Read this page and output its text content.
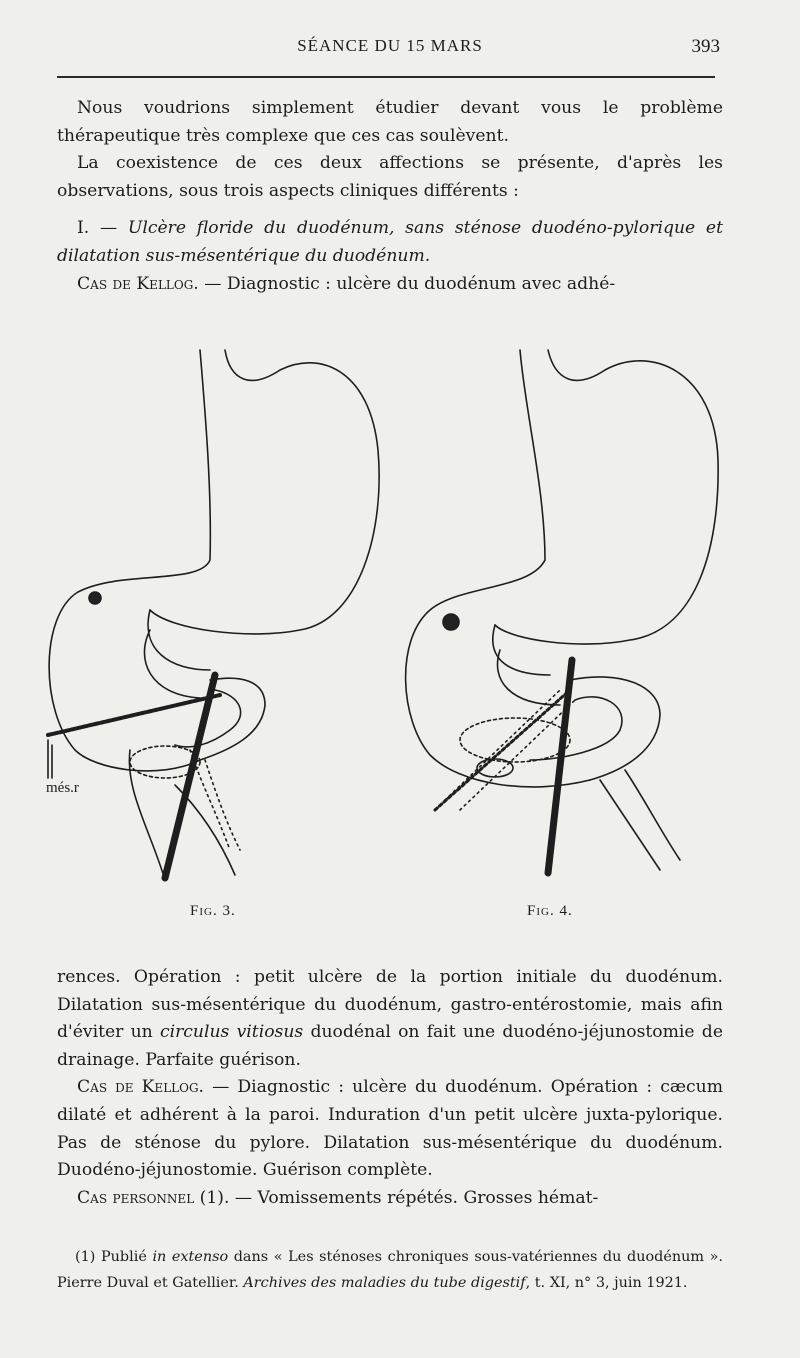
SÉANCE DU 15 MARS	393

Nous voudrions simplement étudier devant vous le problème thérapeutique très complexe que ces cas soulèvent.

La coexistence de ces deux affections se présente, d'après les observations, sous trois aspects cliniques différents :

I. — Ulcère floride du duodénum, sans sténose duodéno-pylorique et dilatation sus-mésentérique du duodénum.

Cas de Kellog. — Diagnostic : ulcère du duodénum avec adhé-

més.r
Fig. 3.	Fig. 4.

rences. Opération : petit ulcère de la portion initiale du duodénum. Dilatation sus-mésentérique du duodénum, gastro-entérostomie, mais afin d'éviter un circulus vitiosus duodénal on fait une duodéno-jéjunostomie de drainage. Parfaite guérison.

Cas de Kellog. — Diagnostic : ulcère du duodénum. Opération : cæcum dilaté et adhérent à la paroi. Induration d'un petit ulcère juxta-pylorique. Pas de sténose du pylore. Dilatation sus-mésentérique du duodénum. Duodéno-jéjunostomie. Guérison complète.

Cas personnel (1). — Vomissements répétés. Grosses hémat-

(1) Publié in extenso dans « Les sténoses chroniques sous-vatériennes du duodénum ». Pierre Duval et Gatellier. Archives des maladies du tube digestif, t. XI, n° 3, juin 1921.
